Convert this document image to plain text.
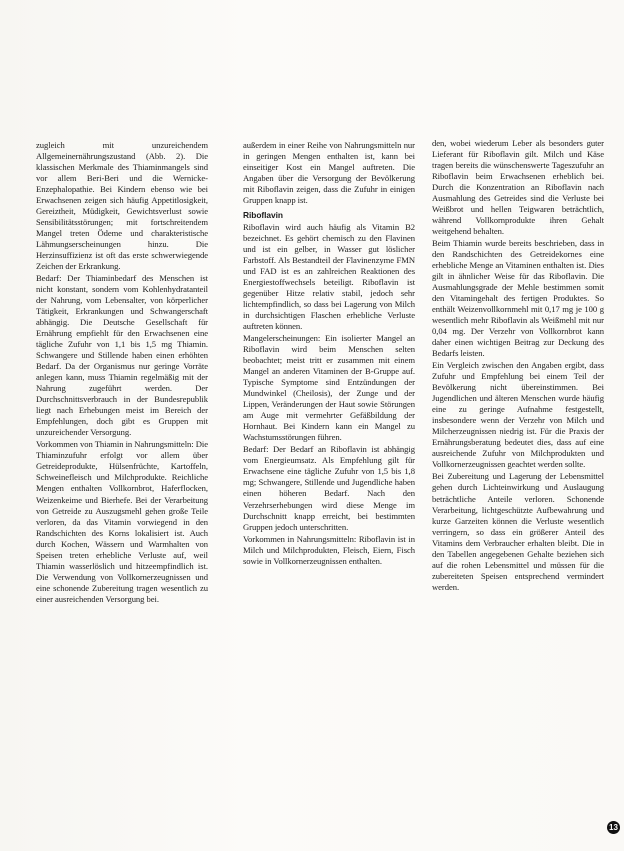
zugleich mit unzureichendem Allgemeinernährungszustand (Abb. 2). Die klassischen Merkmale des Thiaminmangels sind vor allem Beri-Beri und die Wernicke-Enzephalopathie. Bei Kindern ebenso wie bei Erwachsenen zeigen sich häufig Appetitlosigkeit, Gereiztheit, Müdigkeit, Gewichtsverlust sowie Sensibilitätsstörungen; mit fortschreitendem Mangel treten Ödeme und charakteristische Lähmungserscheinungen hinzu. Die Herzinsuffizienz ist oft das erste schwerwiegende Zeichen der Erkrankung.

Bedarf: Der Thiaminbedarf des Menschen ist nicht konstant, sondern vom Kohlenhydratanteil der Nahrung, vom Lebensalter, von körperlicher Tätigkeit, Erkrankungen und Schwangerschaft abhängig. Die Deutsche Gesellschaft für Ernährung empfiehlt für den Erwachsenen eine tägliche Zufuhr von 1,1 bis 1,5 mg Thiamin. Schwangere und Stillende haben einen erhöhten Bedarf. Da der Organismus nur geringe Vorräte anlegen kann, muss Thiamin regelmäßig mit der Nahrung zugeführt werden. Der Durchschnittsverbrauch in der Bundesrepublik liegt nach Erhebungen meist im Bereich der Empfehlungen, doch gibt es Gruppen mit unzureichender Versorgung.

Vorkommen von Thiamin in Nahrungsmitteln: Die Thiaminzufuhr erfolgt vor allem über Getreideprodukte, Hülsenfrüchte, Kartoffeln, Schweinefleisch und Milchprodukte. Reichliche Mengen enthalten Vollkornbrot, Haferflocken, Weizenkeime und Bierhefe. Bei der Verarbeitung von Getreide zu Auszugsmehl gehen große Teile verloren, da das Vitamin vorwiegend in den Randschichten des Korns lokalisiert ist. Auch durch Kochen, Wässern und Warmhalten von Speisen treten erhebliche Verluste auf, weil Thiamin wasserlöslich und hitzeempfindlich ist. Die Verwendung von Vollkornerzeugnissen und eine schonende Zubereitung tragen wesentlich zu einer ausreichenden Versorgung bei.

außerdem in einer Reihe von Nahrungsmitteln nur in geringen Mengen enthalten ist, kann bei einseitiger Kost ein Mangel auftreten. Die Angaben über die Versorgung der Bevölkerung mit Riboflavin zeigen, dass die Zufuhr in einigen Gruppen knapp ist.

Riboflavin

Riboflavin wird auch häufig als Vitamin B2 bezeichnet. Es gehört chemisch zu den Flavinen und ist ein gelber, in Wasser gut löslicher Farbstoff. Als Bestandteil der Flavinenzyme FMN und FAD ist es an zahlreichen Reaktionen des Energiestoffwechsels beteiligt. Riboflavin ist gegenüber Hitze relativ stabil, jedoch sehr lichtempfindlich, so dass bei Lagerung von Milch in durchsichtigen Flaschen erhebliche Verluste auftreten können.

Mangelerscheinungen: Ein isolierter Mangel an Riboflavin wird beim Menschen selten beobachtet; meist tritt er zusammen mit einem Mangel an anderen Vitaminen der B-Gruppe auf. Typische Symptome sind Entzündungen der Mundwinkel (Cheilosis), der Zunge und der Lippen, Veränderungen der Haut sowie Störungen am Auge mit vermehrter Gefäßbildung der Hornhaut. Bei Kindern kann ein Mangel zu Wachstumsstörungen führen.

Bedarf: Der Bedarf an Riboflavin ist abhängig vom Energieumsatz. Als Empfehlung gilt für Erwachsene eine tägliche Zufuhr von 1,5 bis 1,8 mg; Schwangere, Stillende und Jugendliche haben einen höheren Bedarf. Nach den Verzehrserhebungen wird diese Menge im Durchschnitt knapp erreicht, bei bestimmten Gruppen jedoch unterschritten.

Vorkommen in Nahrungsmitteln: Riboflavin ist in Milch und Milchprodukten, Fleisch, Eiern, Fisch sowie in Vollkornerzeugnissen enthalten.

den, wobei wiederum Leber als besonders guter Lieferant für Riboflavin gilt. Milch und Käse tragen bereits die wünschenswerte Tageszufuhr an Riboflavin beim Erwachsenen erheblich bei. Durch die Konzentration an Riboflavin nach Ausmahlung des Getreides sind die Verluste bei Weißbrot und hellen Teigwaren beträchtlich, während Vollkornprodukte ihren Gehalt weitgehend behalten.

Beim Thiamin wurde bereits beschrieben, dass in den Randschichten des Getreidekornes eine erhebliche Menge an Vitaminen enthalten ist. Dies gilt in ähnlicher Weise für das Riboflavin. Die Ausmahlungsgrade der Mehle bestimmen somit den Vitamingehalt des fertigen Produktes. So enthält Weizenvollkornmehl mit 0,17 mg je 100 g wesentlich mehr Riboflavin als Weißmehl mit nur 0,04 mg. Der Verzehr von Vollkornbrot kann daher einen wichtigen Beitrag zur Deckung des Bedarfs leisten.

Ein Vergleich zwischen den Angaben ergibt, dass Zufuhr und Empfehlung bei einem Teil der Bevölkerung nicht übereinstimmen. Bei Jugendlichen und älteren Menschen wurde häufig eine zu geringe Aufnahme festgestellt, insbesondere wenn der Verzehr von Milch und Milcherzeugnissen niedrig ist. Für die Praxis der Ernährungsberatung bedeutet dies, dass auf eine ausreichende Zufuhr von Milchprodukten und Vollkornerzeugnissen geachtet werden sollte.

Bei Zubereitung und Lagerung der Lebensmittel gehen durch Lichteinwirkung und Auslaugung beträchtliche Anteile verloren. Schonende Verarbeitung, lichtgeschützte Aufbewahrung und kurze Garzeiten können die Verluste wesentlich verringern, so dass ein größerer Anteil des Vitamins dem Verbraucher erhalten bleibt. Die in den Tabellen angegebenen Gehalte beziehen sich auf die rohen Lebensmittel und müssen für die zubereiteten Speisen entsprechend vermindert werden.

13
